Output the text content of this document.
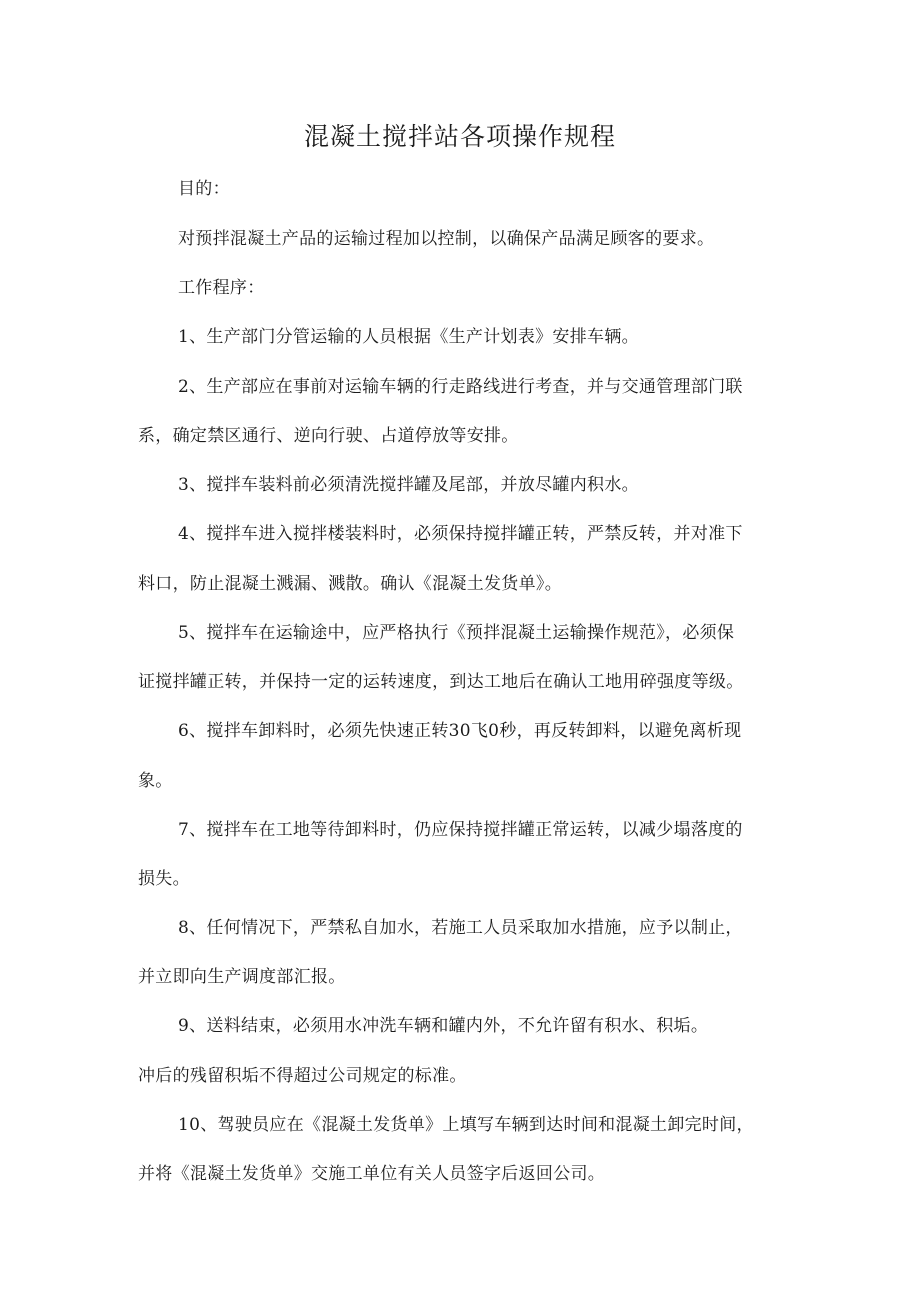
混凝土搅拌站各项操作规程
目的：
对预拌混凝土产品的运输过程加以控制，以确保产品满足顾客的要求。
工作程序：
1、生产部门分管运输的人员根据《生产计划表》安排车辆。
2、生产部应在事前对运输车辆的行走路线进行考查，并与交通管理部门联
系，确定禁区通行、逆向行驶、占道停放等安排。
3、搅拌车装料前必须清洗搅拌罐及尾部，并放尽罐内积水。
4、搅拌车进入搅拌楼装料时，必须保持搅拌罐正转，严禁反转，并对准下
料口，防止混凝土溅漏、溅散。确认《混凝土发货单》。
5、搅拌车在运输途中，应严格执行《预拌混凝土运输操作规范》，必须保
证搅拌罐正转，并保持一定的运转速度，到达工地后在确认工地用碎强度等级。
6、搅拌车卸料时，必须先快速正转30飞0秒，再反转卸料，以避免离析现
象。
7、搅拌车在工地等待卸料时，仍应保持搅拌罐正常运转，以减少塌落度的
损失。
8、任何情况下，严禁私自加水，若施工人员采取加水措施，应予以制止，
并立即向生产调度部汇报。
9、送料结束，必须用水冲洗车辆和罐内外，不允许留有积水、积垢。
冲后的残留积垢不得超过公司规定的标准。
10、驾驶员应在《混凝土发货单》上填写车辆到达时间和混凝土卸完时间，
并将《混凝土发货单》交施工单位有关人员签字后返回公司。
